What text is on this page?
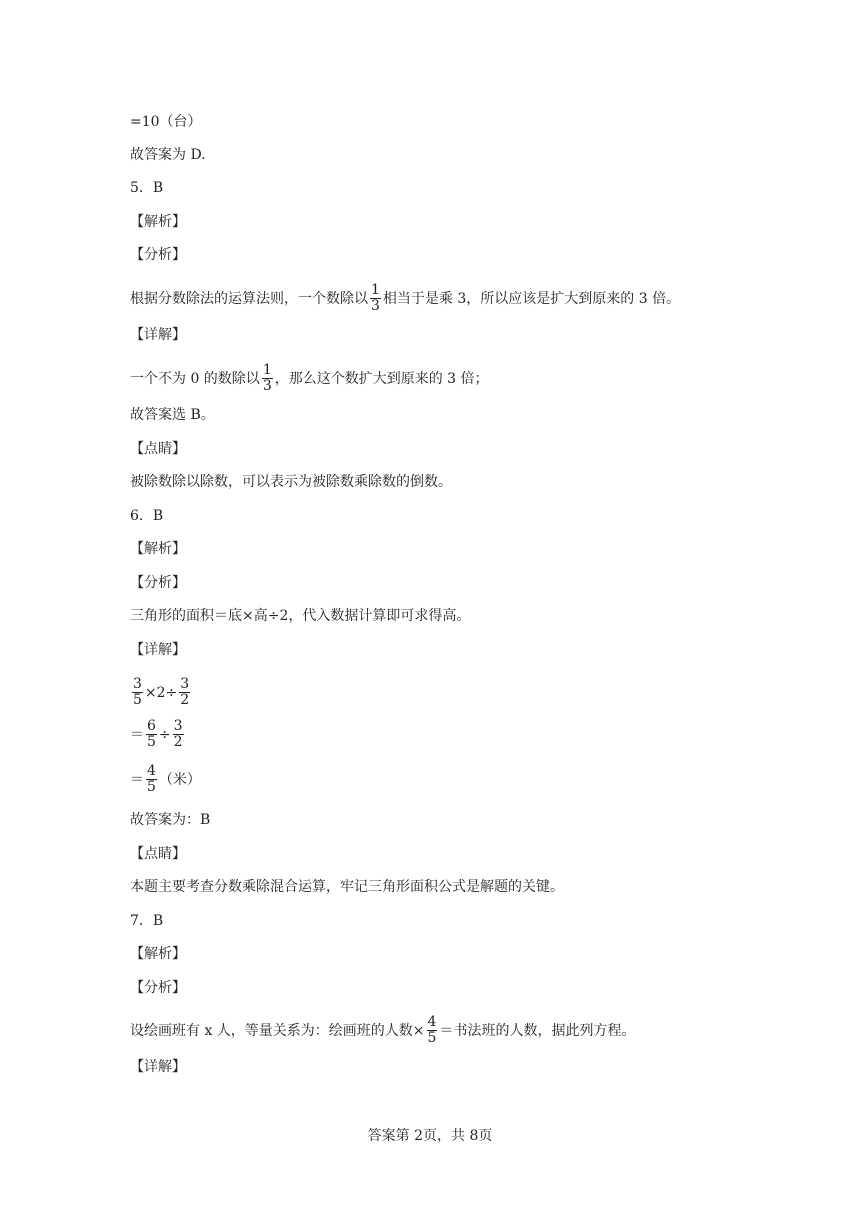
=10（台）
故答案为 D.
5．B
【解析】
【分析】
根据分数除法的运算法则，一个数除以 $\frac{1}{3}$ 相当于是乘 3，所以应该是扩大到原来的 3 倍。
【详解】
一个不为 0 的数除以 $\frac{1}{3}$ ，那么这个数扩大到原来的 3 倍；
故答案选 B。
【点睛】
被除数除以除数，可以表示为被除数乘除数的倒数。
6．B
【解析】
【分析】
三角形的面积＝底×高÷2，代入数据计算即可求得高。
【详解】
$\frac{3}{5} \times 2\div \frac{3}{2}$
＝ $\frac{6}{5} \div \frac{3}{2}$
＝ $\frac{4}{5}$ （米）
故答案为：B
【点睛】
本题主要考查分数乘除混合运算，牢记三角形面积公式是解题的关键。
7．B
【解析】
【分析】
设绘画班有 x 人，等量关系为：绘画班的人数× $\frac{4}{5}$ ＝书法班的人数，据此列方程。
【详解】
答案第 2页，共 8页
